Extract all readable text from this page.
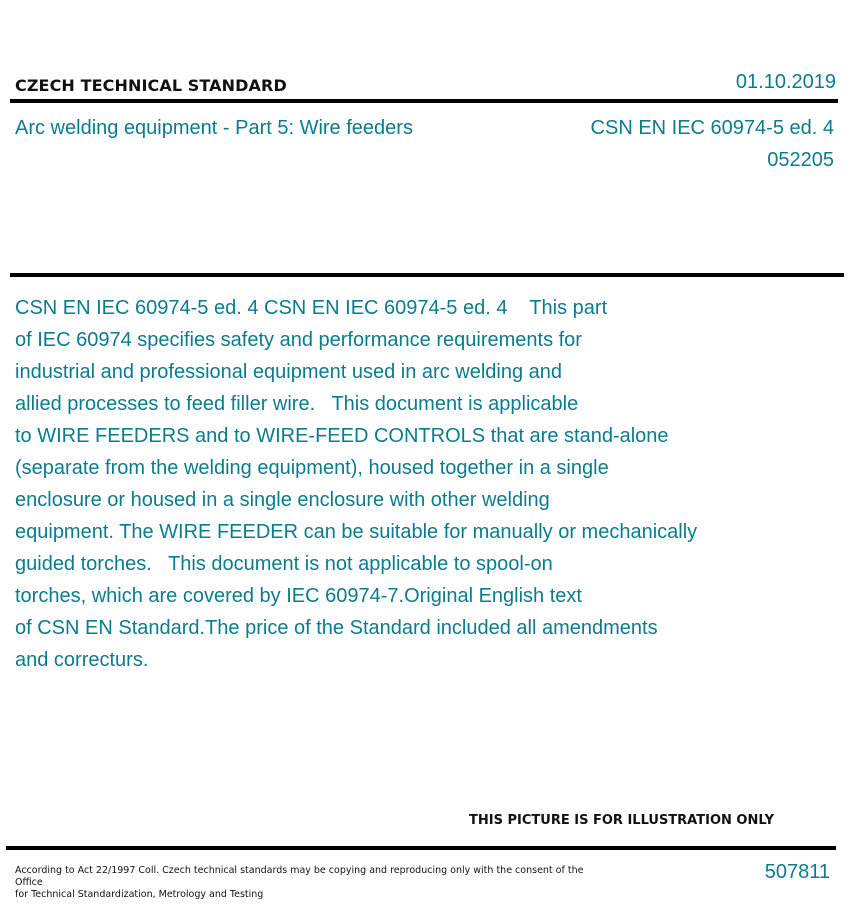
CZECH TECHNICAL STANDARD	01.10.2019
Arc welding equipment - Part 5: Wire feeders	CSN EN IEC 60974-5 ed. 4
052205
CSN EN IEC 60974-5 ed. 4 CSN EN IEC 60974-5 ed. 4    This part
of IEC 60974 specifies safety and performance requirements for
industrial and professional equipment used in arc welding and
allied processes to feed filler wire.   This document is applicable
to WIRE FEEDERS and to WIRE-FEED CONTROLS that are stand-alone
(separate from the welding equipment), housed together in a single
enclosure or housed in a single enclosure with other welding
equipment. The WIRE FEEDER can be suitable for manually or mechanically
guided torches.   This document is not applicable to spool-on
torches, which are covered by IEC 60974-7.Original English text
of CSN EN Standard.The price of the Standard included all amendments
and correcturs.
THIS PICTURE IS FOR ILLUSTRATION ONLY
According to Act 22/1997 Coll. Czech technical standards may be copying and reproducing only with the consent of the Office
for Technical Standardization, Metrology and Testing
507811
